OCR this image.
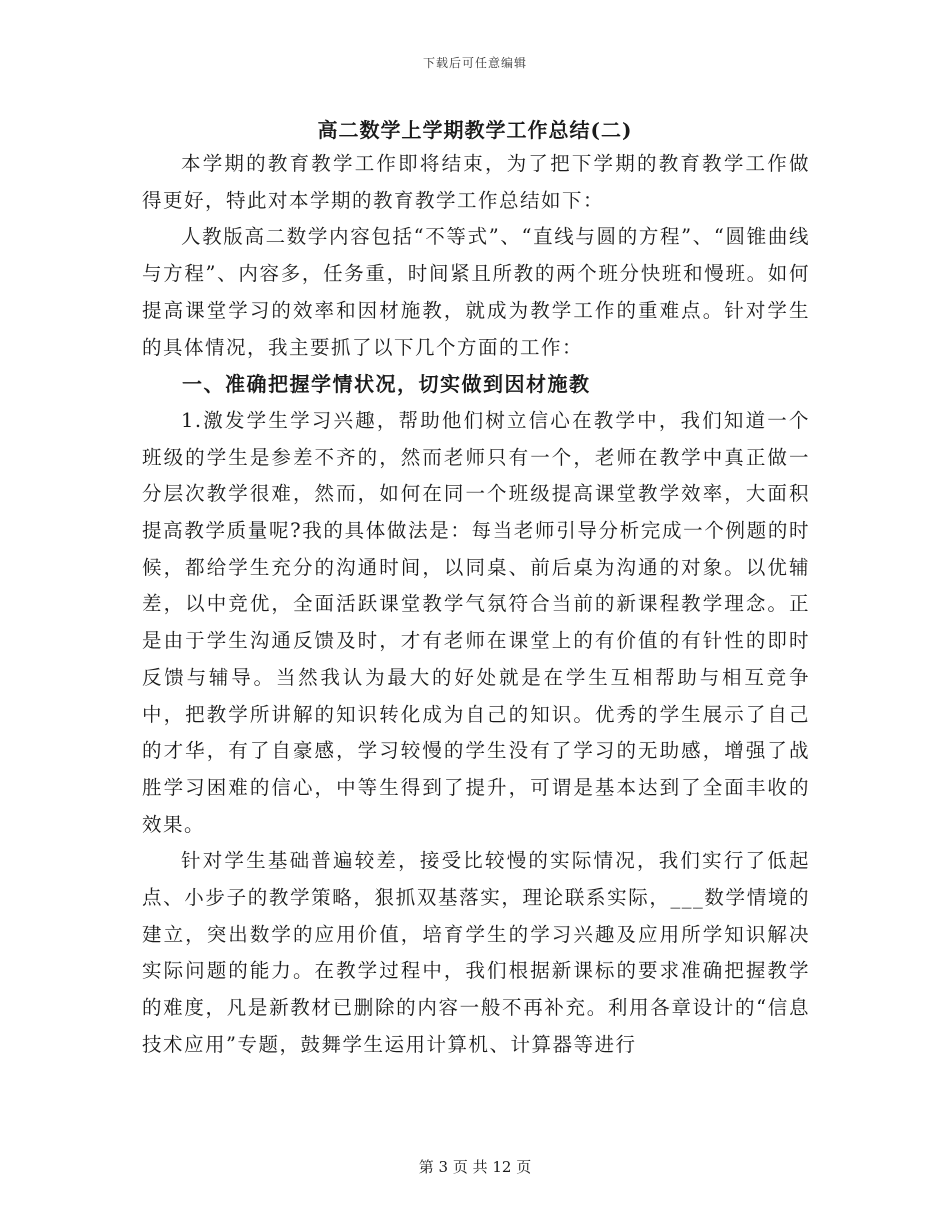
下载后可任意编辑
高二数学上学期教学工作总结(二)

本学期的教育教学工作即将结束，为了把下学期的教育教学工作做得更好，特此对本学期的教育教学工作总结如下：

人教版高二数学内容包括“不等式”、“直线与圆的方程”、“圆锥曲线与方程”、内容多，任务重，时间紧且所教的两个班分快班和慢班。如何提高课堂学习的效率和因材施教，就成为教学工作的重难点。针对学生的具体情况，我主要抓了以下几个方面的工作：

一、准确把握学情状况，切实做到因材施教

1.激发学生学习兴趣，帮助他们树立信心在教学中，我们知道一个班级的学生是参差不齐的，然而老师只有一个，老师在教学中真正做一分层次教学很难，然而，如何在同一个班级提高课堂教学效率，大面积提高教学质量呢?我的具体做法是：每当老师引导分析完成一个例题的时候，都给学生充分的沟通时间，以同桌、前后桌为沟通的对象。以优辅差，以中竞优，全面活跃课堂教学气氛符合当前的新课程教学理念。正是由于学生沟通反馈及时，才有老师在课堂上的有价值的有针性的即时反馈与辅导。当然我认为最大的好处就是在学生互相帮助与相互竞争中，把教学所讲解的知识转化成为自己的知识。优秀的学生展示了自己的才华，有了自豪感，学习较慢的学生没有了学习的无助感，增强了战胜学习困难的信心，中等生得到了提升，可谓是基本达到了全面丰收的效果。

针对学生基础普遍较差，接受比较慢的实际情况，我们实行了低起点、小步子的教学策略，狠抓双基落实，理论联系实际，___数学情境的建立，突出数学的应用价值，培育学生的学习兴趣及应用所学知识解决实际问题的能力。在教学过程中，我们根据新课标的要求准确把握教学的难度，凡是新教材已删除的内容一般不再补充。利用各章设计的“信息技术应用”专题，鼓舞学生运用计算机、计算器等进行

第 3 页 共 12 页
